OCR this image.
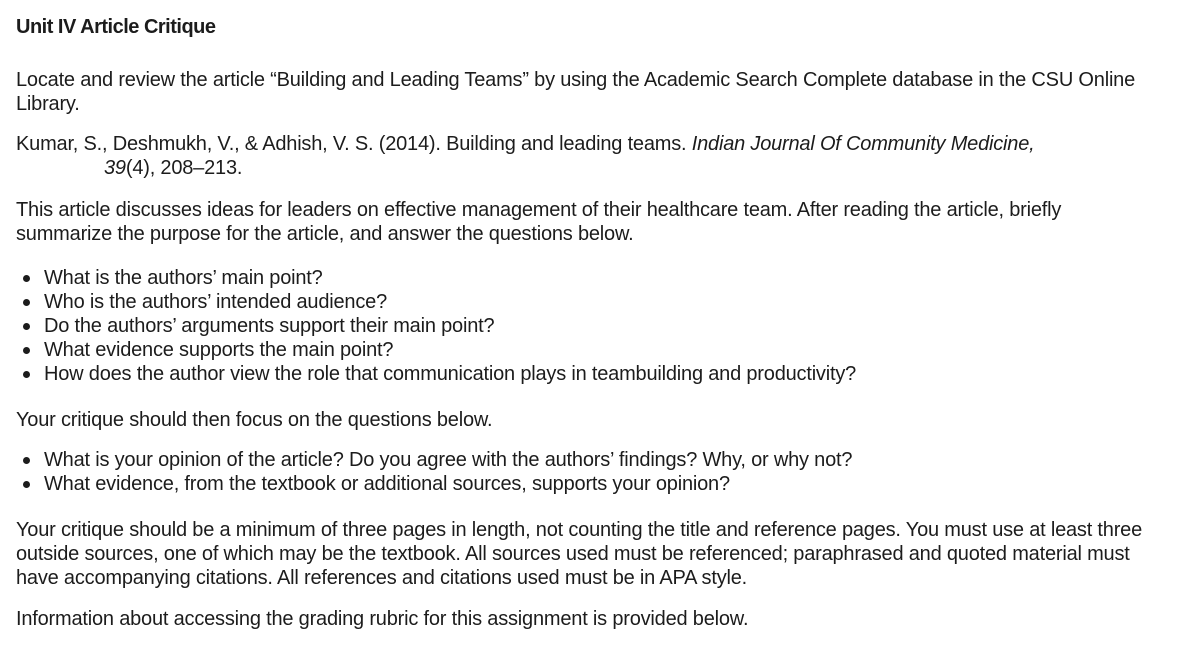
Unit IV Article Critique

Locate and review the article “Building and Leading Teams” by using the Academic Search Complete database in the CSU Online Library.

Kumar, S., Deshmukh, V., & Adhish, V. S. (2014). Building and leading teams. Indian Journal Of Community Medicine,
39(4), 208–213.

This article discusses ideas for leaders on effective management of their healthcare team. After reading the article, briefly summarize the purpose for the article, and answer the questions below.

What is the authors’ main point?
Who is the authors’ intended audience?
Do the authors’ arguments support their main point?
What evidence supports the main point?
How does the author view the role that communication plays in teambuilding and productivity?

Your critique should then focus on the questions below.

What is your opinion of the article? Do you agree with the authors’ findings? Why, or why not?
What evidence, from the textbook or additional sources, supports your opinion?

Your critique should be a minimum of three pages in length, not counting the title and reference pages. You must use at least three outside sources, one of which may be the textbook. All sources used must be referenced; paraphrased and quoted material must have accompanying citations. All references and citations used must be in APA style.

Information about accessing the grading rubric for this assignment is provided below.
